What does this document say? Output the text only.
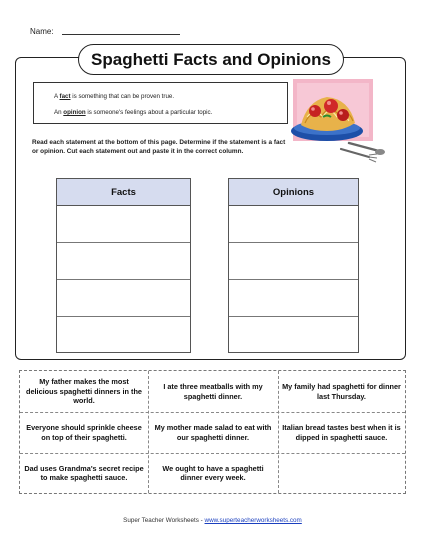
Name:
Spaghetti Facts and Opinions
A fact is something that can be proven true.
An opinion is someone's feelings about a particular topic.
Read each statement at the bottom of this page. Determine if the statement is a fact or opinion. Cut each statement out and paste it in the correct column.
Facts	Opinions
My father makes the most delicious spaghetti dinners in the world.
I ate three meatballs with my spaghetti dinner.
My family had spaghetti for dinner last Thursday.
Everyone should sprinkle cheese on top of their spaghetti.
My mother made salad to eat with our spaghetti dinner.
Italian bread tastes best when it is dipped in spaghetti sauce.
Dad uses Grandma's secret recipe to make spaghetti sauce.
We ought to have a spaghetti dinner every week.
Super Teacher Worksheets - www.superteacherworksheets.com
